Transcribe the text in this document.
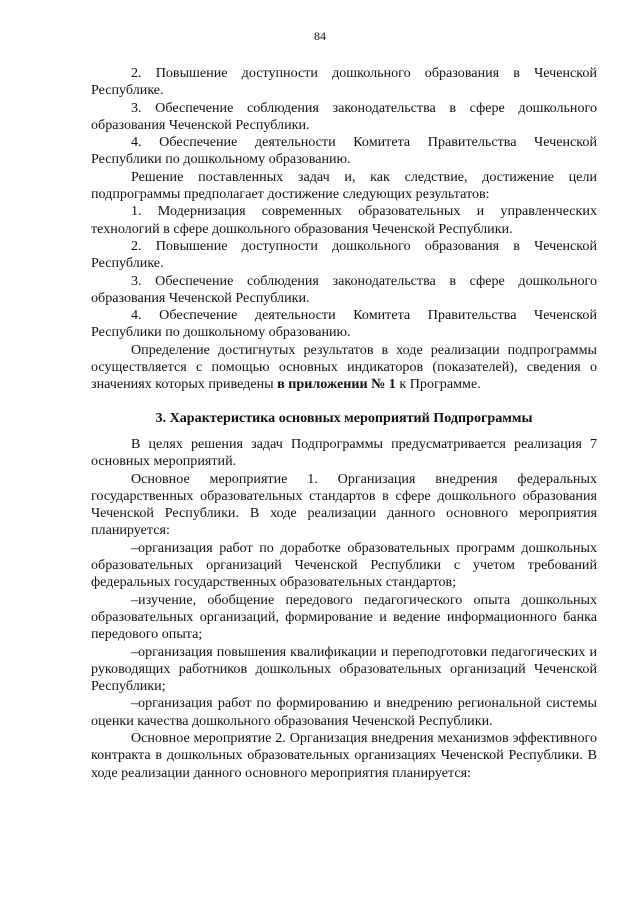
84

2. Повышение доступности дошкольного образования в Чеченской Республике.

3. Обеспечение соблюдения законодательства в сфере дошкольного образования Чеченской Республики.

4. Обеспечение деятельности Комитета Правительства Чеченской Республики по дошкольному образованию.

Решение поставленных задач и, как следствие, достижение цели подпрограммы предполагает достижение следующих результатов:

1. Модернизация современных образовательных и управленческих технологий в сфере дошкольного образования Чеченской Республики.

2. Повышение доступности дошкольного образования в Чеченской Республике.

3. Обеспечение соблюдения законодательства в сфере дошкольного образования Чеченской Республики.

4. Обеспечение деятельности Комитета Правительства Чеченской Республики по дошкольному образованию.

Определение достигнутых результатов в ходе реализации подпрограммы осуществляется с помощью основных индикаторов (показателей), сведения о значениях которых приведены в приложении № 1 к Программе.

3. Характеристика основных мероприятий Подпрограммы

В целях решения задач Подпрограммы предусматривается реализация 7 основных мероприятий.

Основное мероприятие 1. Организация внедрения федеральных государственных образовательных стандартов в сфере дошкольного образования Чеченской Республики. В ходе реализации данного основного мероприятия планируется:

–организация работ по доработке образовательных программ дошкольных образовательных организаций Чеченской Республики с учетом требований федеральных государственных образовательных стандартов;

–изучение, обобщение передового педагогического опыта дошкольных образовательных организаций, формирование и ведение информационного банка передового опыта;

–организация повышения квалификации и переподготовки педагогических и руководящих работников дошкольных образовательных организаций Чеченской Республики;

–организация работ по формированию и внедрению региональной системы оценки качества дошкольного образования Чеченской Республики.

Основное мероприятие 2. Организация внедрения механизмов эффективного контракта в дошкольных образовательных организациях Чеченской Республики. В ходе реализации данного основного мероприятия планируется:
